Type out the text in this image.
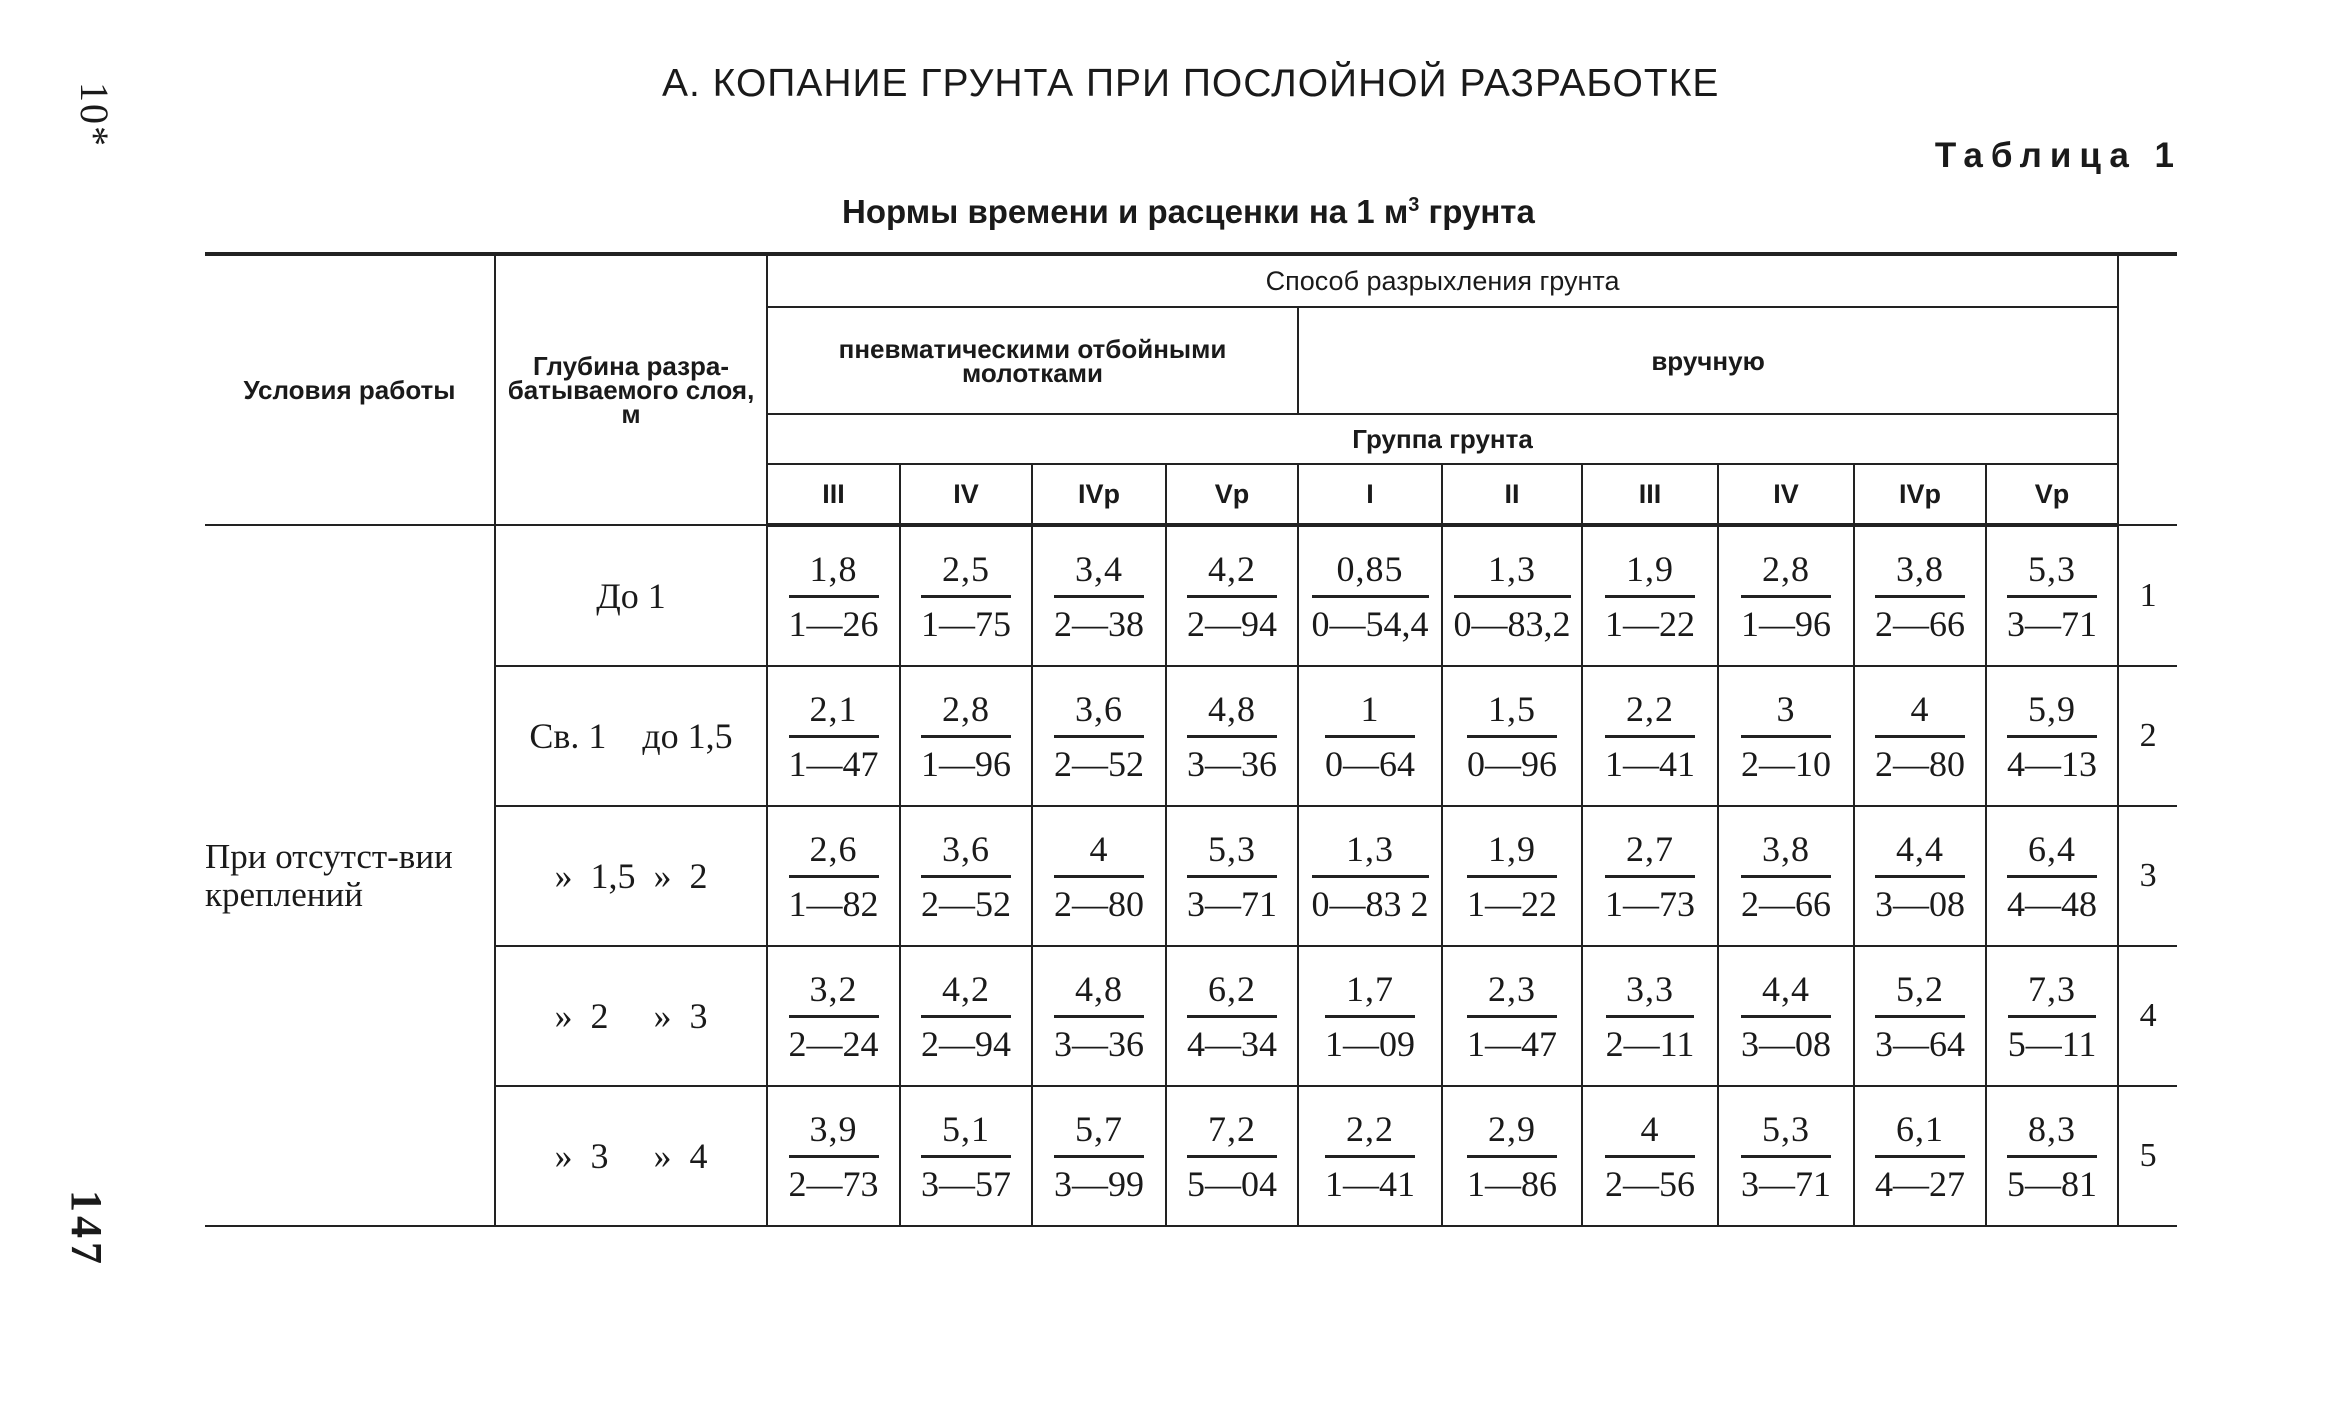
10*
147
А. КОПАНИЕ ГРУНТА ПРИ ПОСЛОЙНОЙ РАЗРАБОТКЕ
Таблица 1
Нормы времени и расценки на 1 $м^3$ грунта
Условия работы	Глубина разра-батываемого слоя, м	Способ разрыхления грунта										
		пневматическими отбойными молотками				вручную						
		Группа грунта										
		III	IV	IVр	Vр	I	II	III	IV	IVр	Vр	
При отсутст-вии креплений	До 1	$\frac{1,8}{1—26}$	$\frac{2,5}{1—75}$	$\frac{3,4}{2—38}$	$\frac{4,2}{2—94}$	$\frac{0,85}{0—54,4}$	$\frac{1,3}{0—83,2}$	$\frac{1,9}{1—22}$	$\frac{2,8}{1—96}$	$\frac{3,8}{2—66}$	$\frac{5,3}{3—71}$	1
	Св. 1    до 1,5	$\frac{2,1}{1—47}$	$\frac{2,8}{1—96}$	$\frac{3,6}{2—52}$	$\frac{4,8}{3—36}$	$\frac{1}{0—64}$	$\frac{1,5}{0—96}$	$\frac{2,2}{1—41}$	$\frac{3}{2—10}$	$\frac{4}{2—80}$	$\frac{5,9}{4—13}$	2
	»  1,5  »  2	$\frac{2,6}{1—82}$	$\frac{3,6}{2—52}$	$\frac{4}{2—80}$	$\frac{5,3}{3—71}$	$\frac{1,3}{0—83 2}$	$\frac{1,9}{1—22}$	$\frac{2,7}{1—73}$	$\frac{3,8}{2—66}$	$\frac{4,4}{3—08}$	$\frac{6,4}{4—48}$	3
	»  2     »  3	$\frac{3,2}{2—24}$	$\frac{4,2}{2—94}$	$\frac{4,8}{3—36}$	$\frac{6,2}{4—34}$	$\frac{1,7}{1—09}$	$\frac{2,3}{1—47}$	$\frac{3,3}{2—11}$	$\frac{4,4}{3—08}$	$\frac{5,2}{3—64}$	$\frac{7,3}{5—11}$	4
	»  3     »  4	$\frac{3,9}{2—73}$	$\frac{5,1}{3—57}$	$\frac{5,7}{3—99}$	$\frac{7,2}{5—04}$	$\frac{2,2}{1—41}$	$\frac{2,9}{1—86}$	$\frac{4}{2—56}$	$\frac{5,3}{3—71}$	$\frac{6,1}{4—27}$	$\frac{8,3}{5—81}$	5
